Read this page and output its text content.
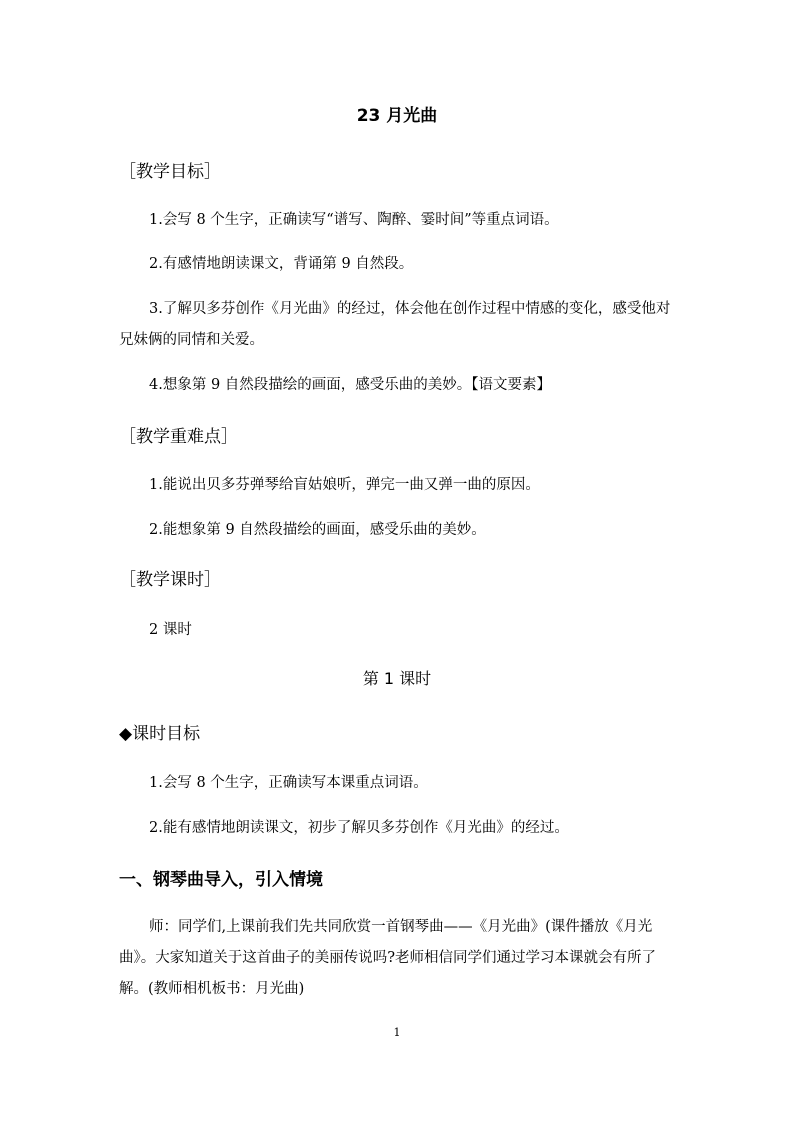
23 月光曲
［教学目标］
1.会写 8 个生字，正确读写“谱写、陶醉、霎时间”等重点词语。
2.有感情地朗读课文，背诵第 9 自然段。
3.了解贝多芬创作《月光曲》的经过，体会他在创作过程中情感的变化，感受他对兄妹俩的同情和关爱。
4.想象第 9 自然段描绘的画面，感受乐曲的美妙。【语文要素】
［教学重难点］
1.能说出贝多芬弹琴给盲姑娘听，弹完一曲又弹一曲的原因。
2.能想象第 9 自然段描绘的画面，感受乐曲的美妙。
［教学课时］
2 课时
第 1 课时
◆课时目标
1.会写 8 个生字，正确读写本课重点词语。
2.能有感情地朗读课文，初步了解贝多芬创作《月光曲》的经过。
一、钢琴曲导入，引入情境
师：同学们,上课前我们先共同欣赏一首钢琴曲——《月光曲》(课件播放《月光曲》。大家知道关于这首曲子的美丽传说吗?老师相信同学们通过学习本课就会有所了解。(教师相机板书：月光曲)
1
